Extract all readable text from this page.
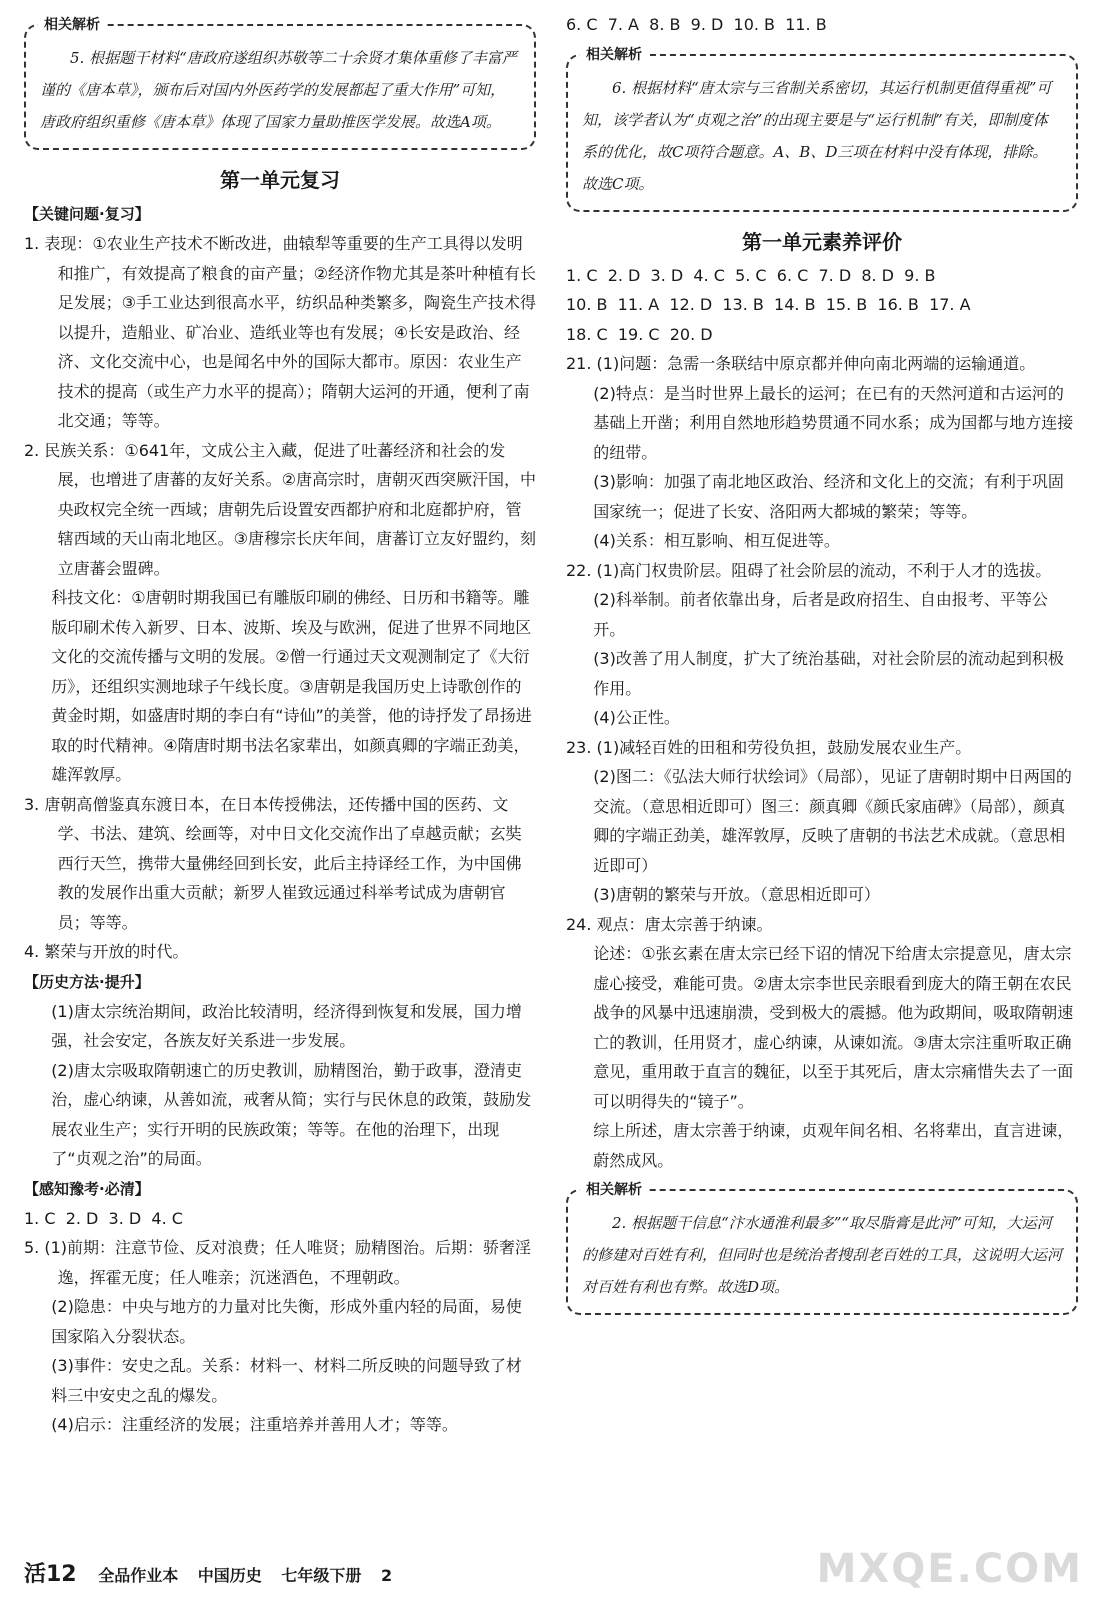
相关解析

5. 根据题干材料“唐政府遂组织苏敬等二十余贤才集体重修了丰富严谨的《唐本草》，颁布后对国内外医药学的发展都起了重大作用”可知，唐政府组织重修《唐本草》体现了国家力量助推医学发展。故选A项。

第一单元复习
【关键问题·复习】

1. 表现：①农业生产技术不断改进，曲辕犁等重要的生产工具得以发明和推广，有效提高了粮食的亩产量；②经济作物尤其是茶叶种植有长足发展；③手工业达到很高水平，纺织品种类繁多，陶瓷生产技术得以提升，造船业、矿冶业、造纸业等也有发展；④长安是政治、经济、文化交流中心，也是闻名中外的国际大都市。原因：农业生产技术的提高（或生产力水平的提高）；隋朝大运河的开通，便利了南北交通；等等。

2. 民族关系：①641年，文成公主入藏，促进了吐蕃经济和社会的发展，也增进了唐蕃的友好关系。②唐高宗时，唐朝灭西突厥汗国，中央政权完全统一西域；唐朝先后设置安西都护府和北庭都护府，管辖西域的天山南北地区。③唐穆宗长庆年间，唐蕃订立友好盟约，刻立唐蕃会盟碑。

科技文化：①唐朝时期我国已有雕版印刷的佛经、日历和书籍等。雕版印刷术传入新罗、日本、波斯、埃及与欧洲，促进了世界不同地区文化的交流传播与文明的发展。②僧一行通过天文观测制定了《大衍历》，还组织实测地球子午线长度。③唐朝是我国历史上诗歌创作的黄金时期，如盛唐时期的李白有“诗仙”的美誉，他的诗抒发了昂扬进取的时代精神。④隋唐时期书法名家辈出，如颜真卿的字端正劲美，雄浑敦厚。

3. 唐朝高僧鉴真东渡日本，在日本传授佛法，还传播中国的医药、文学、书法、建筑、绘画等，对中日文化交流作出了卓越贡献；玄奘西行天竺，携带大量佛经回到长安，此后主持译经工作，为中国佛教的发展作出重大贡献；新罗人崔致远通过科举考试成为唐朝官员；等等。

4. 繁荣与开放的时代。

【历史方法·提升】

(1)唐太宗统治期间，政治比较清明，经济得到恢复和发展，国力增强，社会安定，各族友好关系进一步发展。

(2)唐太宗吸取隋朝速亡的历史教训，励精图治，勤于政事，澄清吏治，虚心纳谏，从善如流，戒奢从简；实行与民休息的政策，鼓励发展农业生产；实行开明的民族政策；等等。在他的治理下，出现了“贞观之治”的局面。

【感知豫考·必清】

1. C  2. D  3. D  4. C

5. (1)前期：注意节俭、反对浪费；任人唯贤；励精图治。后期：骄奢淫逸，挥霍无度；任人唯亲；沉迷酒色，不理朝政。

(2)隐患：中央与地方的力量对比失衡，形成外重内轻的局面，易使国家陷入分裂状态。

(3)事件：安史之乱。关系：材料一、材料二所反映的问题导致了材料三中安史之乱的爆发。

(4)启示：注重经济的发展；注重培养并善用人才；等等。

6. C  7. A  8. B  9. D  10. B  11. B

相关解析

6. 根据材料“唐太宗与三省制关系密切，其运行机制更值得重视”可知，该学者认为“贞观之治”的出现主要是与“运行机制”有关，即制度体系的优化，故C项符合题意。A、B、D三项在材料中没有体现，排除。故选C项。

第一单元素养评价

1. C  2. D  3. D  4. C  5. C  6. C  7. D  8. D  9. B

10. B  11. A  12. D  13. B  14. B  15. B  16. B  17. A

18. C  19. C  20. D

21. (1)问题：急需一条联结中原京都并伸向南北两端的运输通道。

(2)特点：是当时世界上最长的运河；在已有的天然河道和古运河的基础上开凿；利用自然地形趋势贯通不同水系；成为国都与地方连接的纽带。

(3)影响：加强了南北地区政治、经济和文化上的交流；有利于巩固国家统一；促进了长安、洛阳两大都城的繁荣；等等。

(4)关系：相互影响、相互促进等。

22. (1)高门权贵阶层。阻碍了社会阶层的流动，不利于人才的选拔。

(2)科举制。前者依靠出身，后者是政府招生、自由报考、平等公开。

(3)改善了用人制度，扩大了统治基础，对社会阶层的流动起到积极作用。

(4)公正性。

23. (1)减轻百姓的田租和劳役负担，鼓励发展农业生产。

(2)图二：《弘法大师行状绘词》（局部），见证了唐朝时期中日两国的交流。（意思相近即可）图三：颜真卿《颜氏家庙碑》（局部），颜真卿的字端正劲美，雄浑敦厚，反映了唐朝的书法艺术成就。（意思相近即可）

(3)唐朝的繁荣与开放。（意思相近即可）

24. 观点：唐太宗善于纳谏。

论述：①张玄素在唐太宗已经下诏的情况下给唐太宗提意见，唐太宗虚心接受，难能可贵。②唐太宗李世民亲眼看到庞大的隋王朝在农民战争的风暴中迅速崩溃，受到极大的震撼。他为政期间，吸取隋朝速亡的教训，任用贤才，虚心纳谏，从谏如流。③唐太宗注重听取正确意见，重用敢于直言的魏征，以至于其死后，唐太宗痛惜失去了一面可以明得失的“镜子”。

综上所述，唐太宗善于纳谏，贞观年间名相、名将辈出，直言进谏，蔚然成风。

相关解析

2. 根据题干信息“汴水通淮利最多”“取尽脂膏是此河”可知，大运河的修建对百姓有利，但同时也是统治者搜刮老百姓的工具，这说明大运河对百姓有利也有弊。故选D项。

活12 全品作业本 中国历史 七年级下册 2	MXQE.COM
